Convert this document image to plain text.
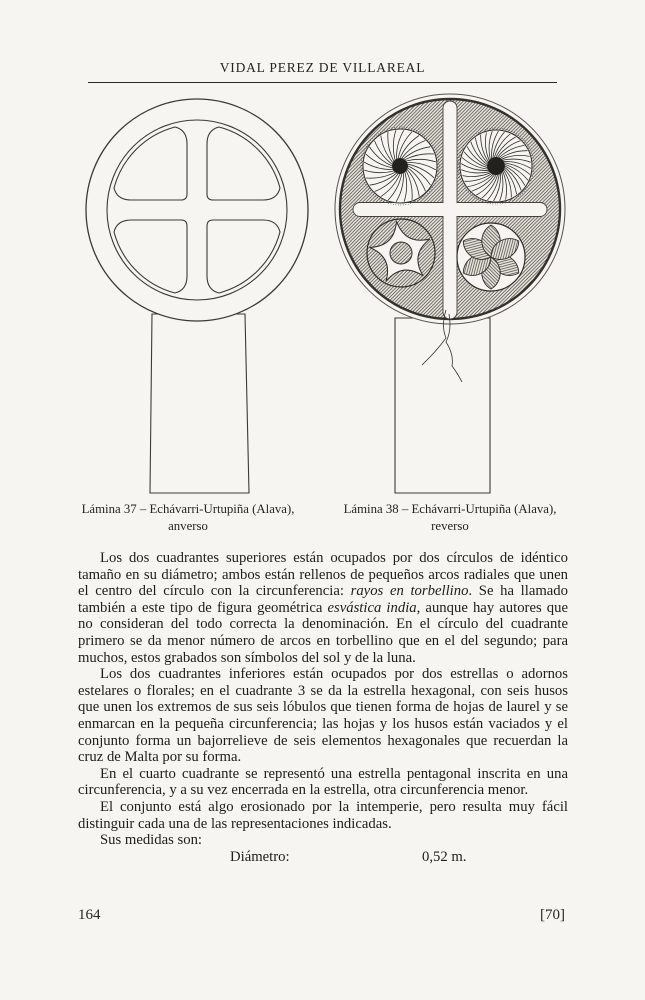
VIDAL PEREZ DE VILLAREAL
Lámina 37 – Echávarri-Urtupiña (Alava),
anverso
Lámina 38 – Echávarri-Urtupiña (Alava),
reverso

Los dos cuadrantes superiores están ocupados por dos círculos de idéntico tamaño en su diámetro; ambos están rellenos de pequeños arcos radiales que unen el centro del círculo con la circunferencia: rayos en torbellino. Se ha llamado también a este tipo de figura geométrica esvástica india, aunque hay autores que no consideran del todo correcta la denominación. En el círculo del cuadrante primero se da menor número de arcos en torbellino que en el del segundo; para muchos, estos grabados son símbolos del sol y de la luna.

Los dos cuadrantes inferiores están ocupados por dos estrellas o adornos estelares o florales; en el cuadrante 3 se da la estrella hexagonal, con seis husos que unen los extremos de sus seis lóbulos que tienen forma de hojas de laurel y se enmarcan en la pequeña circunferencia; las hojas y los husos están vaciados y el conjunto forma un bajorrelieve de seis elementos hexagonales que recuerdan la cruz de Malta por su forma.

En el cuarto cuadrante se representó una estrella pentagonal inscrita en una circunferencia, y a su vez encerrada en la estrella, otra circunferencia menor.

El conjunto está algo erosionado por la intemperie, pero resulta muy fácil distinguir cada una de las representaciones indicadas.

Sus medidas son:

Diámetro:	0,52 m.

164	[70]
